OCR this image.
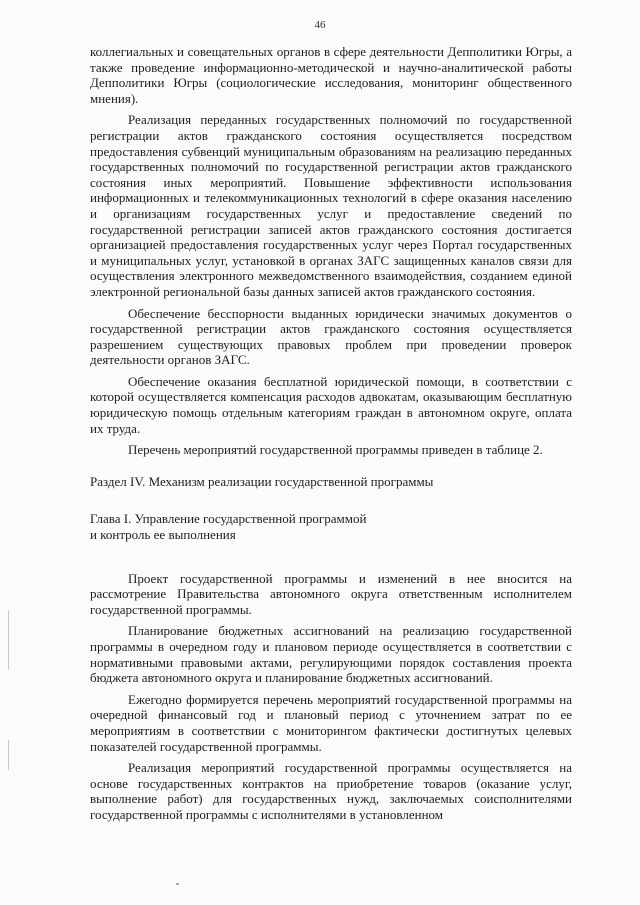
46

коллегиальных и совещательных органов в сфере деятельности Депполитики Югры, а также проведение информационно-методической и научно-аналитической работы Депполитики Югры (социологические исследования, мониторинг общественного мнения).

Реализация переданных государственных полномочий по государственной регистрации актов гражданского состояния осуществляется посредством предоставления субвенций муниципальным образованиям на реализацию переданных государственных полномочий по государственной регистрации актов гражданского состояния иных мероприятий. Повышение эффективности использования информационных и телекоммуникационных технологий в сфере оказания населению и организациям государственных услуг и предоставление сведений по государственной регистрации записей актов гражданского состояния достигается организацией предоставления государственных услуг через Портал государственных и муниципальных услуг, установкой в органах ЗАГС защищенных каналов связи для осуществления электронного межведомственного взаимодействия, созданием единой электронной региональной базы данных записей актов гражданского состояния.

Обеспечение бесспорности выданных юридически значимых документов о государственной регистрации актов гражданского состояния осуществляется разрешением существующих правовых проблем при проведении проверок деятельности органов ЗАГС.

Обеспечение оказания бесплатной юридической помощи, в соответствии с которой осуществляется компенсация расходов адвокатам, оказывающим бесплатную юридическую помощь отдельным категориям граждан в автономном округе, оплата их труда.

Перечень мероприятий государственной программы приведен в таблице 2.

Раздел IV. Механизм реализации государственной программы

Глава I. Управление государственной программой
и контроль ее выполнения

Проект государственной программы и изменений в нее вносится на рассмотрение Правительства автономного округа ответственным исполнителем государственной программы.

Планирование бюджетных ассигнований на реализацию государственной программы в очередном году и плановом периоде осуществляется в соответствии с нормативными правовыми актами, регулирующими порядок составления проекта бюджета автономного округа и планирование бюджетных ассигнований.

Ежегодно формируется перечень мероприятий государственной программы на очередной финансовый год и плановый период с уточнением затрат по ее мероприятиям в соответствии с мониторингом фактически достигнутых целевых показателей государственной программы.

Реализация мероприятий государственной программы осуществляется на основе государственных контрактов на приобретение товаров (оказание услуг, выполнение работ) для государственных нужд, заключаемых соисполнителями государственной программы с исполнителями в установленном
